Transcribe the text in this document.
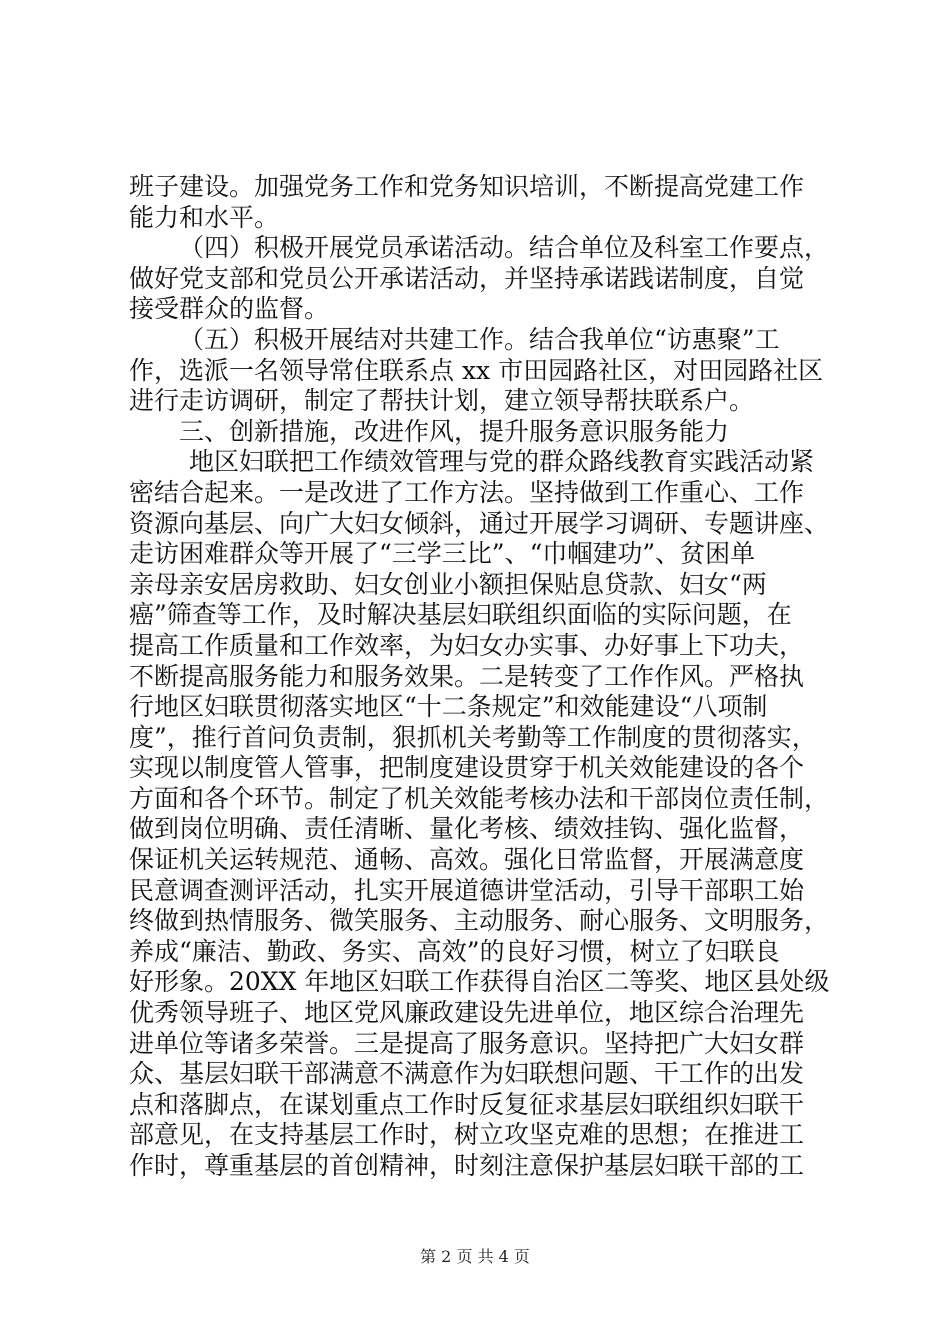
班子建设。加强党务工作和党务知识培训，不断提高党建工作
能力和水平。
（四）积极开展党员承诺活动。结合单位及科室工作要点，
做好党支部和党员公开承诺活动，并坚持承诺践诺制度，自觉
接受群众的监督。
（五）积极开展结对共建工作。结合我单位“访惠聚”工
作，选派一名领导常住联系点 xx 市田园路社区，对田园路社区
进行走访调研，制定了帮扶计划，建立领导帮扶联系户。
三、创新措施，改进作风，提升服务意识服务能力
地区妇联把工作绩效管理与党的群众路线教育实践活动紧
密结合起来。一是改进了工作方法。坚持做到工作重心、工作
资源向基层、向广大妇女倾斜，通过开展学习调研、专题讲座、
走访困难群众等开展了“三学三比”、“巾帼建功”、贫困单
亲母亲安居房救助、妇女创业小额担保贴息贷款、妇女“两
癌”筛查等工作，及时解决基层妇联组织面临的实际问题，在
提高工作质量和工作效率，为妇女办实事、办好事上下功夫，
不断提高服务能力和服务效果。二是转变了工作作风。严格执
行地区妇联贯彻落实地区“十二条规定”和效能建设“八项制
度”，推行首问负责制，狠抓机关考勤等工作制度的贯彻落实，
实现以制度管人管事，把制度建设贯穿于机关效能建设的各个
方面和各个环节。制定了机关效能考核办法和干部岗位责任制，
做到岗位明确、责任清晰、量化考核、绩效挂钩、强化监督，
保证机关运转规范、通畅、高效。强化日常监督，开展满意度
民意调查测评活动，扎实开展道德讲堂活动，引导干部职工始
终做到热情服务、微笑服务、主动服务、耐心服务、文明服务，
养成“廉洁、勤政、务实、高效”的良好习惯，树立了妇联良
好形象。20XX 年地区妇联工作获得自治区二等奖、地区县处级
优秀领导班子、地区党风廉政建设先进单位，地区综合治理先
进单位等诸多荣誉。三是提高了服务意识。坚持把广大妇女群
众、基层妇联干部满意不满意作为妇联想问题、干工作的出发
点和落脚点，在谋划重点工作时反复征求基层妇联组织妇联干
部意见，在支持基层工作时，树立攻坚克难的思想；在推进工
作时，尊重基层的首创精神，时刻注意保护基层妇联干部的工
第 2 页 共 4 页
